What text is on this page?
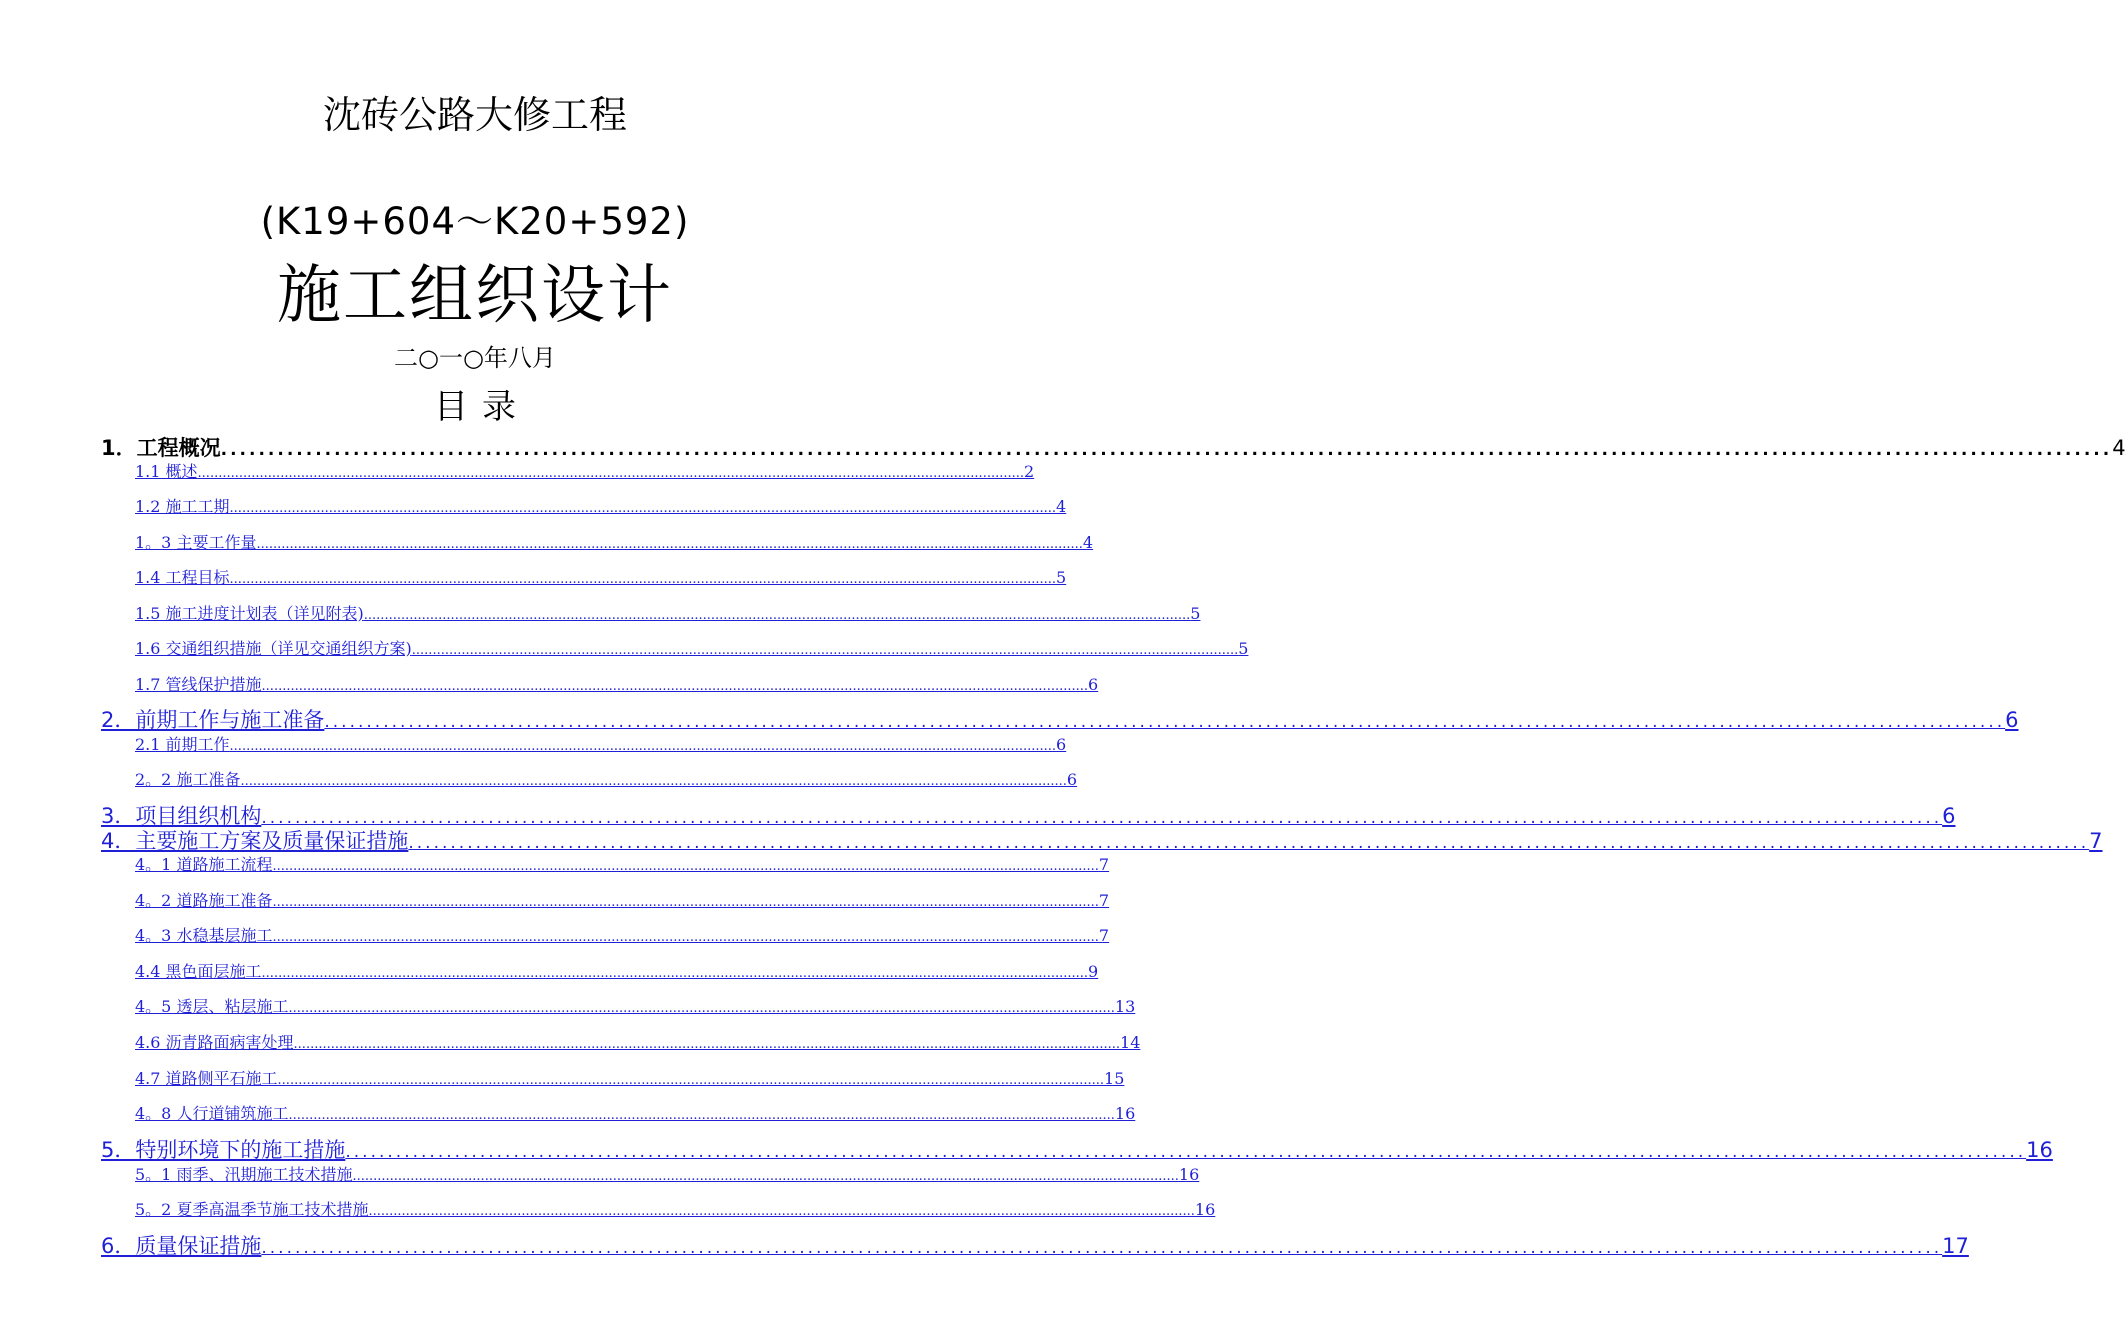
沈砖公路大修工程
(K19+604～K20+592)
施工组织设计
二○一○年八月
目录
1．工程概况 ........................................................................................................................................................................................................ 4
1.1 概述 ........................................................................................................................................................................................................ 2
1.2 施工工期 ........................................................................................................................................................................................................ 4
1。3 主要工作量 ........................................................................................................................................................................................................ 4
1.4 工程目标 ........................................................................................................................................................................................................ 5
1.5 施工进度计划表（详见附表) ........................................................................................................................................................................................................ 5
1.6 交通组织措施（详见交通组织方案) ........................................................................................................................................................................................................ 5
1.7 管线保护措施 ........................................................................................................................................................................................................ 6
2．前期工作与施工准备 ........................................................................................................................................................................................................ 6
2.1 前期工作 ........................................................................................................................................................................................................ 6
2。2 施工准备 ........................................................................................................................................................................................................ 6
3．项目组织机构 ........................................................................................................................................................................................................ 6
4．主要施工方案及质量保证措施 ........................................................................................................................................................................................................ 7
4。1 道路施工流程 ........................................................................................................................................................................................................ 7
4。2 道路施工准备 ........................................................................................................................................................................................................ 7
4。3 水稳基层施工 ........................................................................................................................................................................................................ 7
4.4 黑色面层施工 ........................................................................................................................................................................................................ 9
4。5 透层、粘层施工 ........................................................................................................................................................................................................ 13
4.6 沥青路面病害处理 ........................................................................................................................................................................................................ 14
4.7 道路侧平石施工 ........................................................................................................................................................................................................ 15
4。8 人行道铺筑施工 ........................................................................................................................................................................................................ 16
5．特别环境下的施工措施 ........................................................................................................................................................................................................ 16
5。1 雨季、汛期施工技术措施 ........................................................................................................................................................................................................ 16
5。2 夏季高温季节施工技术措施 ........................................................................................................................................................................................................ 16
6．质量保证措施 ........................................................................................................................................................................................................ 17
